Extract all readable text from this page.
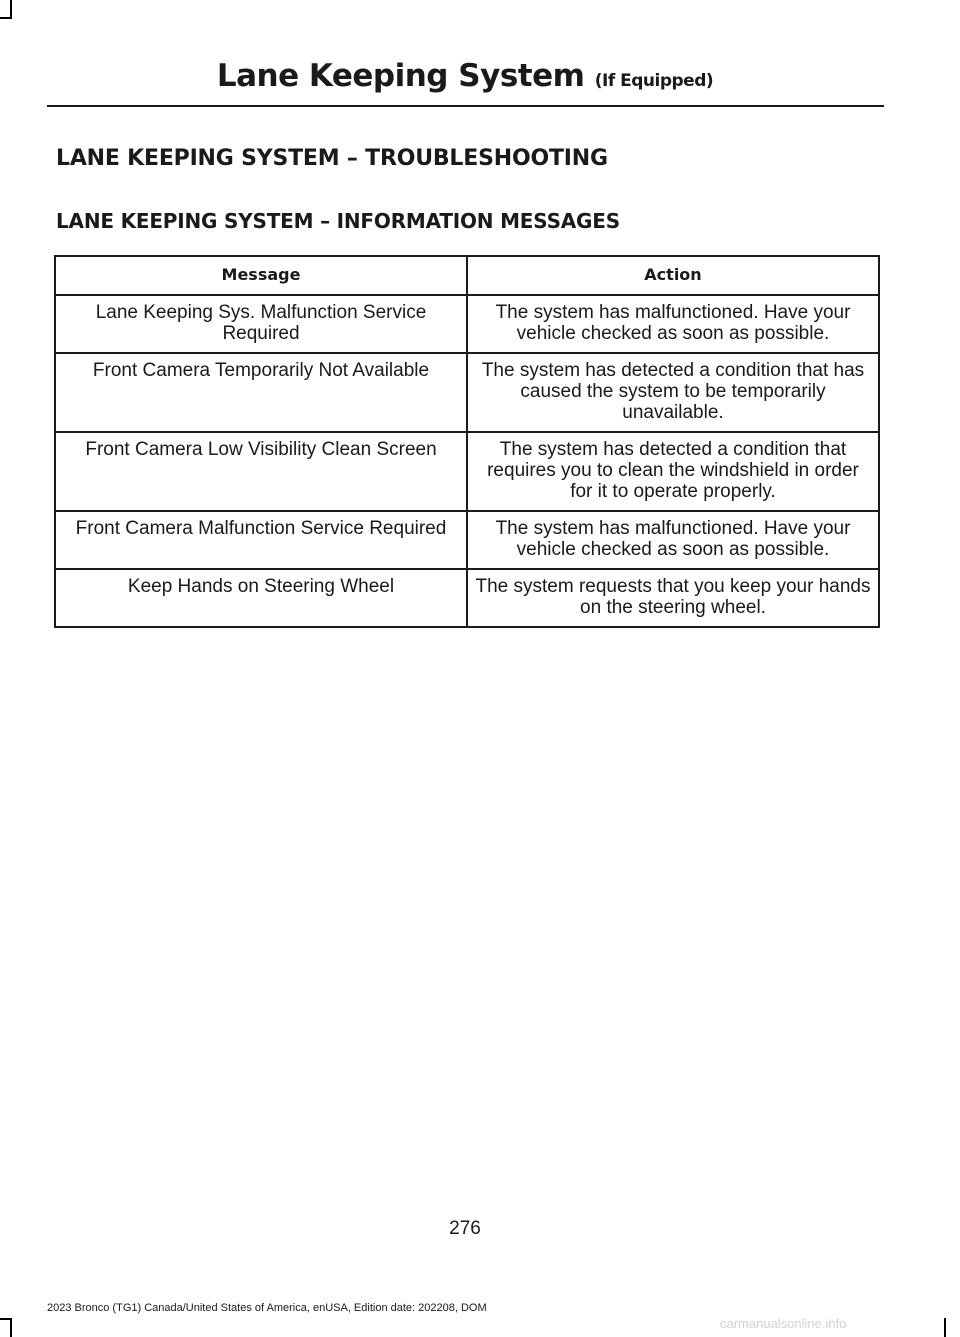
Lane Keeping System (If Equipped)
LANE KEEPING SYSTEM – TROUBLESHOOTING
LANE KEEPING SYSTEM – INFORMATION MESSAGES
Message	Action
Lane Keeping Sys. Malfunction Service Required	The system has malfunctioned. Have your vehicle checked as soon as possible.
Front Camera Temporarily Not Available	The system has detected a condition that has caused the system to be temporarily unavailable.
Front Camera Low Visibility Clean Screen	The system has detected a condition that requires you to clean the windshield in order for it to operate properly.
Front Camera Malfunction Service Required	The system has malfunctioned. Have your vehicle checked as soon as possible.
Keep Hands on Steering Wheel	The system requests that you keep your hands on the steering wheel.
276
2023 Bronco (TG1) Canada/United States of America, enUSA, Edition date: 202208, DOM
carmanualsonline.info
